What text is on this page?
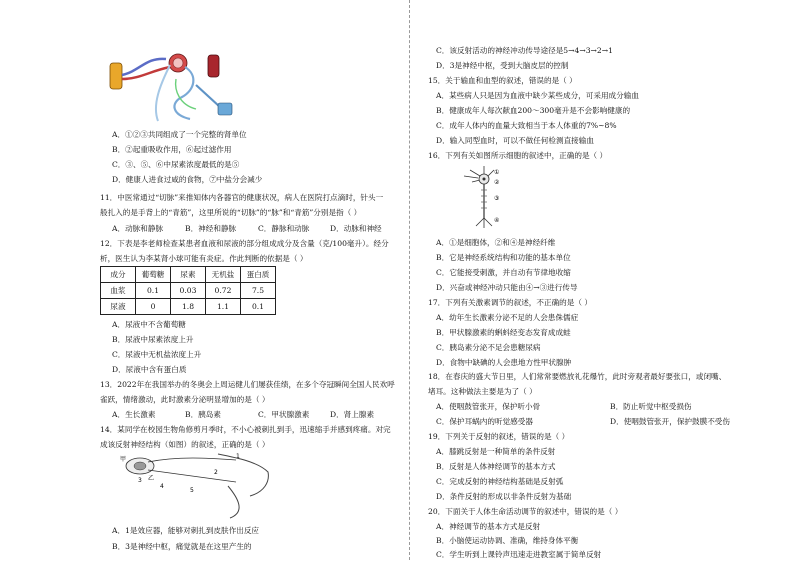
A．①②③共同组成了一个完整的肾单位
B．②起重吸收作用，⑥起过滤作用
C．③、⑤、⑥中尿素浓度最低的是⑤
D．健康人进食过咸的食物，⑦中盐分会减少
11．中医常通过“切脉”来推知体内各器官的健康状况，病人在医院打点滴时，针头一
般扎入的是手背上的“青筋”，这里所说的“切脉”的“脉”和“青筋”分别是指（ ）
A．动脉和静脉	B．神经和静脉	C．静脉和动脉	D．动脉和神经
12．下表是李老师检查某患者血液和尿液的部分组成成分及含量（克/100毫升）。经分
析，医生认为李某肾小球可能有炎症。作此判断的依据是（ ）
成分	葡萄糖	尿素	无机盐	蛋白质
血浆	0.1	0.03	0.72	7.5
尿液	0	1.8	1.1	0.1
A．尿液中不含葡萄糖
B．尿液中尿素浓度上升
C．尿液中无机盐浓度上升
D．尿液中含有蛋白质
13．2022年在我国举办的冬奥会上周运健儿们屡获佳绩，在多个夺冠瞬间全国人民欢呼
雀跃，情绪激动，此时激素分泌明显增加的是（ ）
A．生长激素	B．胰岛素	C．甲状腺激素	D．肾上腺素
14．某同学在校园生物角修剪月季时，不小心被刺扎到手，迅速缩手并感到疼痛。对完
成该反射神经结构（如图）的叙述，正确的是（ ）
甲
乙
1
2
3
4
5
A．1是效应器，能够对刺扎到皮肤作出反应
B．3是神经中枢，痛觉就是在这里产生的
C．该反射活动的神经冲动传导途径是5→4→3→2→1
D．3是神经中枢，受到大脑皮层的控制
15．关于输血和血型的叙述，错误的是（ ）
A．某些病人只是因为血液中缺少某些成分，可采用成分输血
B．健康成年人每次献血200～300毫升是不会影响健康的
C．成年人体内的血量大致相当于本人体重的7%~8%
D．输入同型血时，可以不做任何检测直接输血
16．下列有关如图所示细胞的叙述中，正确的是（ ）
①
②
③
④
A．①是细胞体，②和④是神经纤维
B．它是神经系统结构和功能的基本单位
C．它能接受刺激，并自动有节律地收缩
D．兴奋或神经冲动只能由④→③进行传导
17．下列有关激素调节的叙述，不正确的是（ ）
A．幼年生长激素分泌不足的人会患侏儒症
B．甲状腺激素的蝌蚪经变态发育成成蛙
C．胰岛素分泌不足会患糖尿病
D．食物中缺碘的人会患地方性甲状腺肿
18．在春庆的盛大节日里，人们常常要燃放礼花爆竹，此时旁观者最好要张口，或闭嘴、
堵耳。这种做法主要是为了（ ）
A．使咽鼓管张开，保护听小骨	B．防止听觉中枢受损伤
C．保护耳蜗内的听觉感受器	D．使咽鼓管张开，保护鼓膜不受伤
19．下列关于反射的叙述，错误的是（ ）
A．膝跳反射是一种简单的条件反射
B．反射是人体神经调节的基本方式
C．完成反射的神经结构基础是反射弧
D．条件反射的形成以非条件反射为基础
20．下面关于人体生命活动调节的叙述中，错误的是（ ）
A．神经调节的基本方式是反射
B．小脑使运动协调、准确，维持身体平衡
C．学生听到上课铃声迅速走进教室属于简单反射
